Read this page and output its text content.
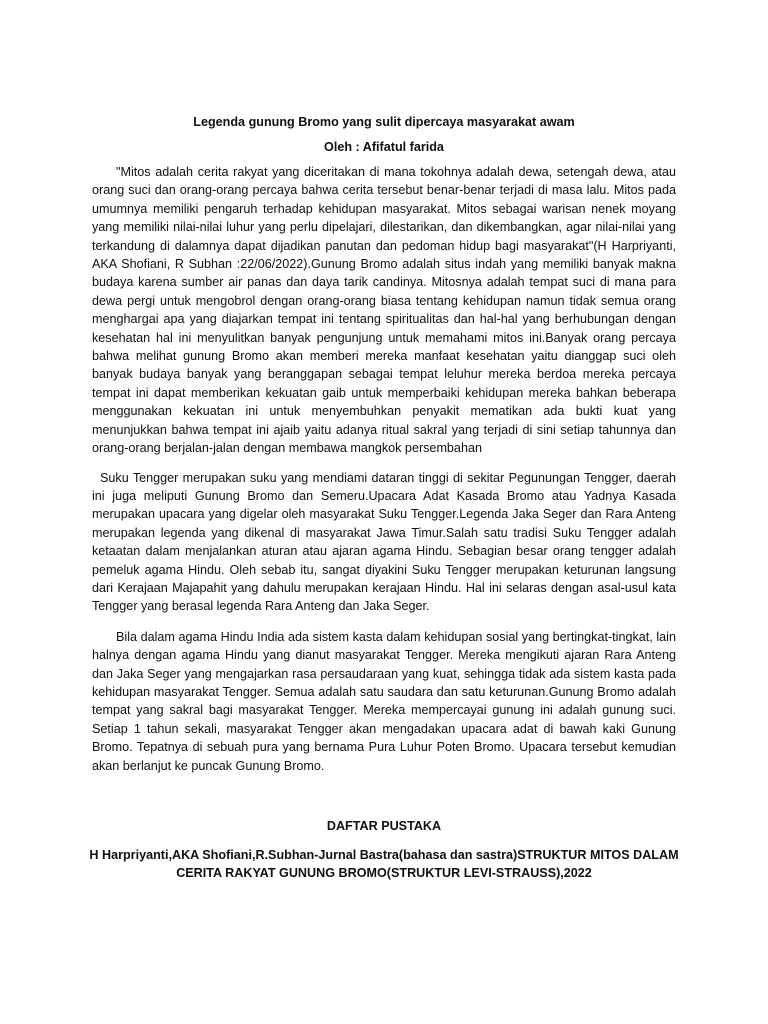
Legenda gunung Bromo yang sulit dipercaya masyarakat awam

Oleh : Afifatul farida

"Mitos adalah cerita rakyat yang diceritakan di mana tokohnya adalah dewa, setengah dewa, atau orang suci dan orang-orang percaya bahwa cerita tersebut benar-benar terjadi di masa lalu. Mitos pada umumnya memiliki pengaruh terhadap kehidupan masyarakat. Mitos sebagai warisan nenek moyang yang memiliki nilai-nilai luhur yang perlu dipelajari, dilestarikan, dan dikembangkan, agar nilai-nilai yang terkandung di dalamnya dapat dijadikan panutan dan pedoman hidup bagi masyarakat"(H Harpriyanti, AKA Shofiani, R Subhan :22/06/2022).Gunung Bromo adalah situs indah yang memiliki banyak makna budaya karena sumber air panas dan daya tarik candinya. Mitosnya adalah tempat suci di mana para dewa pergi untuk mengobrol dengan orang-orang biasa tentang kehidupan namun tidak semua orang menghargai apa yang diajarkan tempat ini tentang spiritualitas dan hal-hal yang berhubungan dengan kesehatan hal ini menyulitkan banyak pengunjung untuk memahami mitos ini.Banyak orang percaya bahwa melihat gunung Bromo akan memberi mereka manfaat kesehatan yaitu dianggap suci oleh banyak budaya banyak yang beranggapan sebagai tempat leluhur mereka berdoa mereka percaya tempat ini dapat memberikan kekuatan gaib untuk memperbaiki kehidupan mereka bahkan beberapa menggunakan kekuatan ini untuk menyembuhkan penyakit mematikan ada bukti kuat yang menunjukkan bahwa tempat ini ajaib yaitu adanya ritual sakral yang terjadi di sini setiap tahunnya dan orang-orang berjalan-jalan dengan membawa mangkok persembahan

Suku Tengger merupakan suku yang mendiami dataran tinggi di sekitar Pegunungan Tengger, daerah ini juga meliputi Gunung Bromo dan Semeru.Upacara Adat Kasada Bromo atau Yadnya Kasada merupakan upacara yang digelar oleh masyarakat Suku Tengger.Legenda Jaka Seger dan Rara Anteng merupakan legenda yang dikenal di masyarakat Jawa Timur.Salah satu tradisi Suku Tengger adalah ketaatan dalam menjalankan aturan atau ajaran agama Hindu. Sebagian besar orang tengger adalah pemeluk agama Hindu. Oleh sebab itu, sangat diyakini Suku Tengger merupakan keturunan langsung dari Kerajaan Majapahit yang dahulu merupakan kerajaan Hindu. Hal ini selaras dengan asal-usul kata Tengger yang berasal legenda Rara Anteng dan Jaka Seger.

Bila dalam agama Hindu India ada sistem kasta dalam kehidupan sosial yang bertingkat-tingkat, lain halnya dengan agama Hindu yang dianut masyarakat Tengger. Mereka mengikuti ajaran Rara Anteng dan Jaka Seger yang mengajarkan rasa persaudaraan yang kuat, sehingga tidak ada sistem kasta pada kehidupan masyarakat Tengger. Semua adalah satu saudara dan satu keturunan.Gunung Bromo adalah tempat yang sakral bagi masyarakat Tengger. Mereka mempercayai gunung ini adalah gunung suci. Setiap 1 tahun sekali, masyarakat Tengger akan mengadakan upacara adat di bawah kaki Gunung Bromo. Tepatnya di sebuah pura yang bernama Pura Luhur Poten Bromo. Upacara tersebut kemudian akan berlanjut ke puncak Gunung Bromo.

DAFTAR PUSTAKA

H Harpriyanti,AKA Shofiani,R.Subhan-Jurnal Bastra(bahasa dan sastra)STRUKTUR MITOS DALAM CERITA RAKYAT GUNUNG BROMO(STRUKTUR LEVI-STRAUSS),2022
